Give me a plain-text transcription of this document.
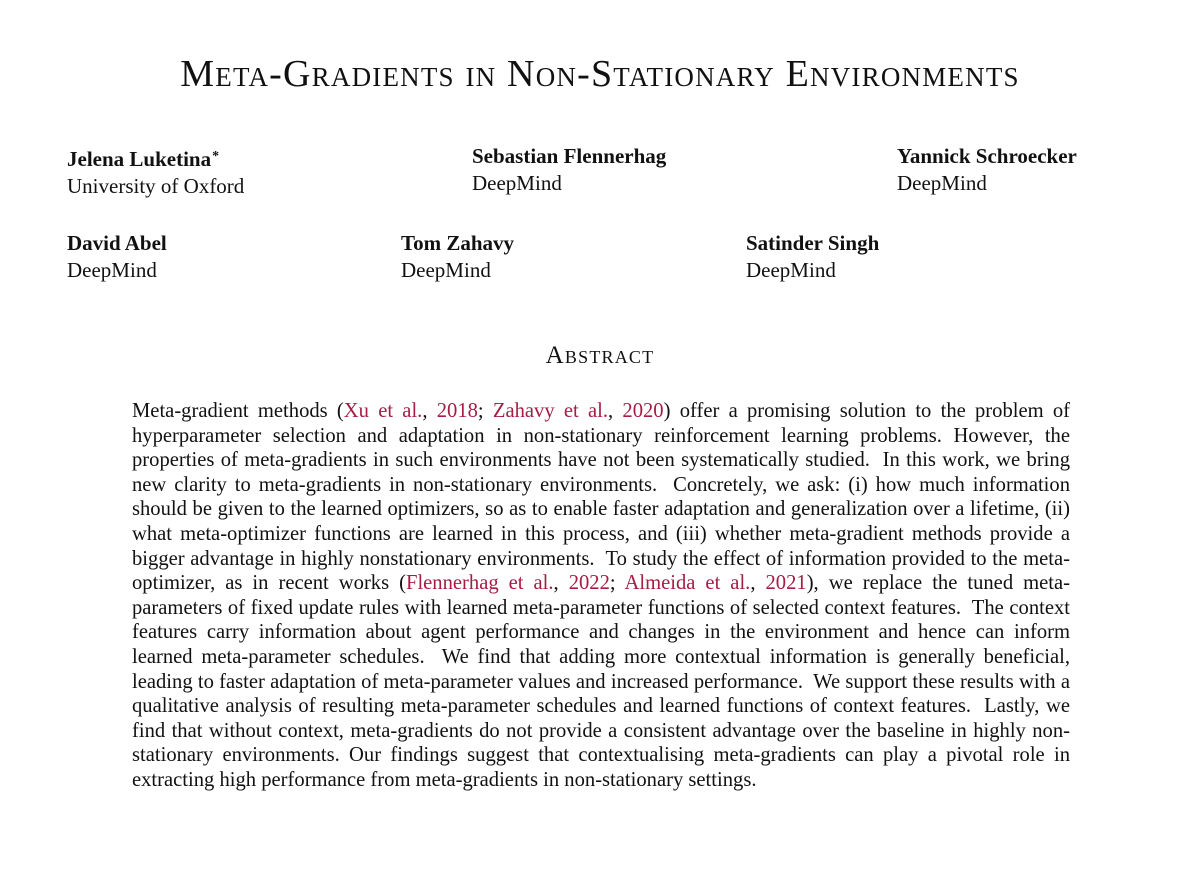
Meta-Gradients in Non-Stationary Environments
Jelena Luketina*
University of Oxford
Sebastian Flennerhag
DeepMind
Yannick Schroecker
DeepMind
David Abel
DeepMind
Tom Zahavy
DeepMind
Satinder Singh
DeepMind
Abstract

Meta-gradient methods (Xu et al., 2018; Zahavy et al., 2020) offer a promising solution to the problem of hyperparameter selection and adaptation in non-stationary reinforcement learning problems. However, the properties of meta-gradients in such environments have not been systematically studied.  In this work, we bring new clarity to meta-gradients in non-stationary environments.  Concretely, we ask: (i) how much information should be given to the learned optimizers, so as to enable faster adaptation and generalization over a lifetime, (ii) what meta-optimizer functions are learned in this process, and (iii) whether meta-gradient methods provide a bigger advantage in highly nonstationary environments.  To study the effect of information provided to the meta-optimizer, as in recent works (Flennerhag et al., 2022; Almeida et al., 2021), we replace the tuned meta-parameters of fixed update rules with learned meta-parameter functions of selected context features.  The context features carry information about agent performance and changes in the environment and hence can inform learned meta-parameter schedules.  We find that adding more contextual information is generally beneficial, leading to faster adaptation of meta-parameter values and increased performance.  We support these results with a qualitative analysis of resulting meta-parameter schedules and learned functions of context features.  Lastly, we find that without context, meta-gradients do not provide a consistent advantage over the baseline in highly non-stationary environments. Our findings suggest that contextualising meta-gradients can play a pivotal role in extracting high performance from meta-gradients in non-stationary settings.
